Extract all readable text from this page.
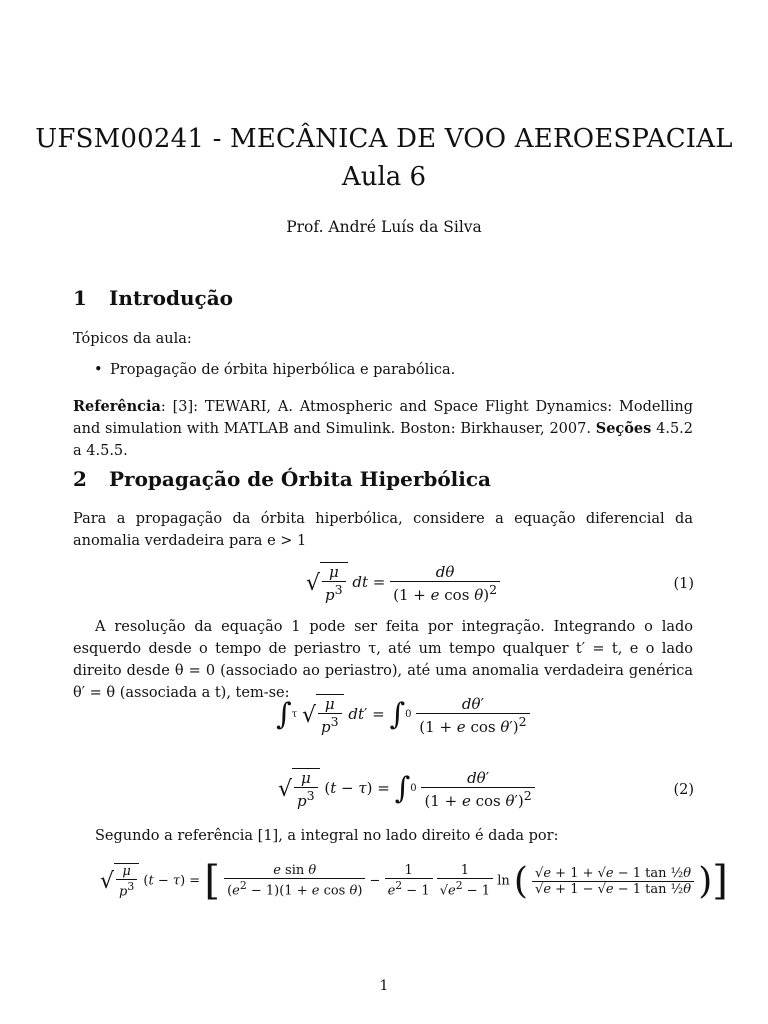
UFSM00241 - MECÂNICA DE VOO AEROESPACIAL
Aula 6
Prof. André Luís da Silva
1 Introdução
Tópicos da aula:
• Propagação de órbita hiperbólica e parabólica.
Referência: [3]: TEWARI, A. Atmospheric and Space Flight Dynamics: Modelling and simulation with MATLAB and Simulink. Boston: Birkhauser, 2007. Seções 4.5.2 a 4.5.5.
2 Propagação de Órbita Hiperbólica
Para a propagação da órbita hiperbólica, considere a equação diferencial da anomalia verdadeira para e > 1
√ $\frac{\mu}{p^3}$ dt = $\frac{d\theta}{(1 + e \cos \theta)^2}$	(1)
A resolução da equação 1 pode ser feita por integração. Integrando o lado esquerdo desde o tempo de periastro τ, até um tempo qualquer t′ = t, e o lado direito desde θ = 0 (associado ao periastro), até uma anomalia verdadeira genérica θ′ = θ (associada a t), tem-se:
∫τ √ $\frac{\mu}{p^3} dt' = \int 0 \frac{d\theta'}{(1 + e \cos \theta')^2}$
√ $\frac{\mu}{p^3} (t - \tau) = \int 0 \frac{d\theta'}{(1 + e \cos \theta')^2}$	(2)
Segundo a referência [1], a integral no lado direito é dada por:
√ $\frac{\mu}{p^3} (t - \tau)$ = [ $\frac{\text{e sin θ}}{(e^2 - 1)(1 + e \cos \theta)} - \frac{1}{e^2 - 1}$
$\frac{1}{√e^2 - 1}$ ln ( $\frac{\text{√e + 1 + √e − 1 tan ½θ}}{\text{√e + 1 − √e − 1 tan ½θ}}$ )]
1
